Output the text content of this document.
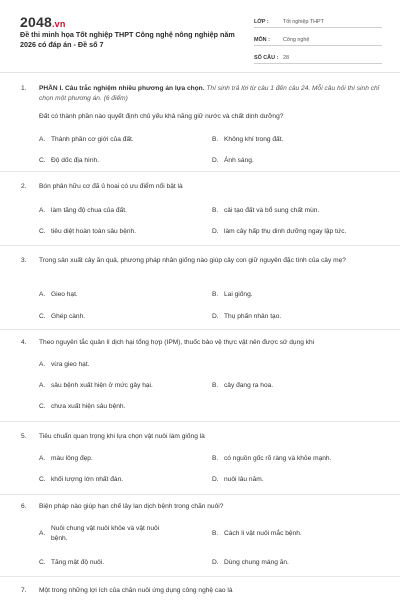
2048.vn
Đề thi minh họa Tốt nghiệp THPT Công nghệ nông nghiệp năm 2026 có đáp án - Đề số 7
LỚP :	Tốt nghiệp THPT
MÔN :	Công nghệ
SỐ CÂU : 28
1. PHẦN I. Câu trắc nghiệm nhiều phương án lựa chọn. Thí sinh trả lời từ câu 1 đến câu 24. Mỗi câu hỏi thí sinh chỉ chọn một phương án. (6 điểm)
Đất có thành phần nào quyết định chủ yếu khả năng giữ nước và chất dinh dưỡng?
A. Thành phần cơ giới của đất.	B. Không khí trong đất.
C. Độ dốc địa hình.	D. Ánh sáng.
2. Bón phân hữu cơ đã ủ hoai có ưu điểm nổi bật là
A. làm tăng độ chua của đất.	B. cải tạo đất và bổ sung chất mùn.
C. tiêu diệt hoàn toàn sâu bệnh.	D. làm cây hấp thụ dinh dưỡng ngay lập tức.
3. Trong sản xuất cây ăn quả, phương pháp nhân giống nào giúp cây con giữ nguyên đặc tính của cây mẹ?
A. Gieo hạt.	B. Lai giống.
C. Ghép cành.	D. Thụ phấn nhân tạo.
4. Theo nguyên tắc quản lí dịch hại tổng hợp (IPM), thuốc bảo vệ thực vật nên được sử dụng khi
A. vừa gieo hạt.
A. sâu bệnh xuất hiện ở mức gây hại.	B. cây đang ra hoa.
C. chưa xuất hiện sâu bệnh.
5. Tiêu chuẩn quan trọng khi lựa chọn vật nuôi làm giống là
A. màu lông đẹp.	B. có nguồn gốc rõ ràng và khỏe mạnh.
C. khối lượng lớn nhất đàn.	D. nuôi lâu năm.
6. Biện pháp nào giúp hạn chế lây lan dịch bệnh trong chăn nuôi?
A.
Nuôi chung vật nuôi khỏe và vật nuôi bệnh.
B. Cách li vật nuôi mắc bệnh.
C. Tăng mật độ nuôi.	D. Dùng chung máng ăn.
7. Một trong những lợi ích của chăn nuôi ứng dụng công nghệ cao là
